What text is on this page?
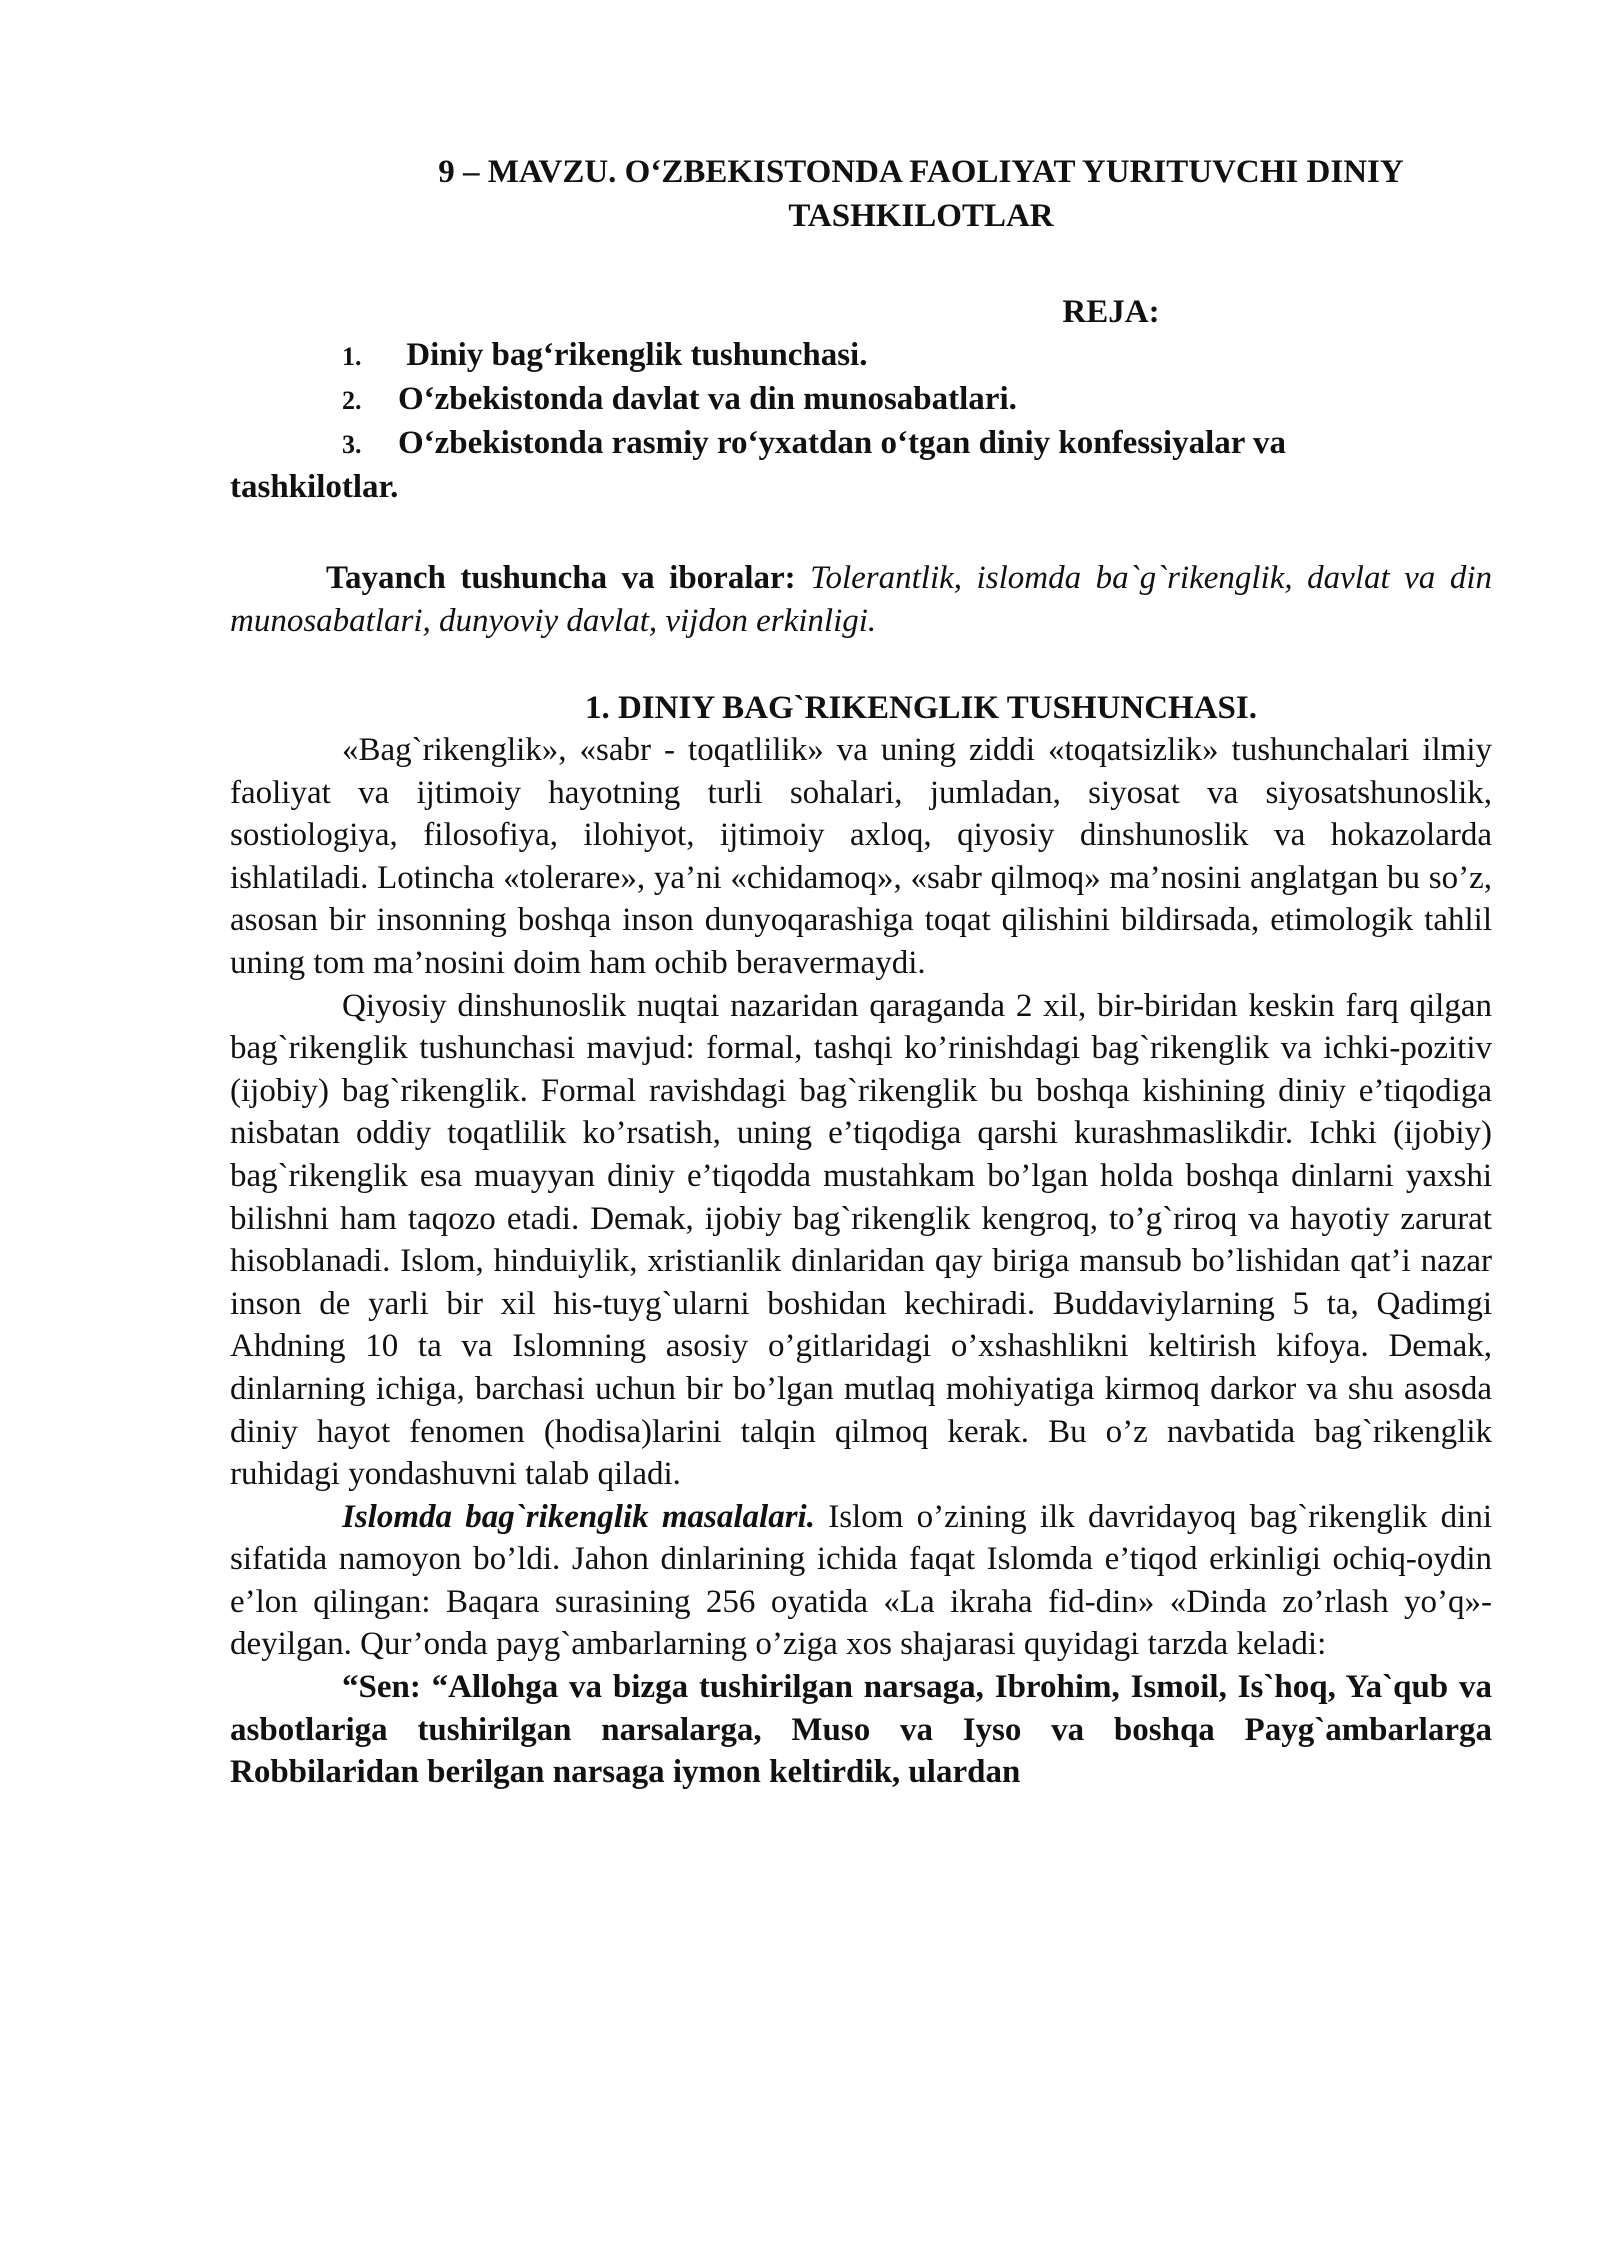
9 – MAVZU. O‘ZBEKISTONDA FAOLIYAT YURITUVCHI DINIY
TASHKILOTLAR
REJA:
1. Diniy bag‘rikenglik tushunchasi.
2. O‘zbekistonda davlat va din munosabatlari.
3. O‘zbekistonda rasmiy ro‘yxatdan o‘tgan diniy konfessiyalar va
tashkilotlar.

Tayanch tushuncha va iboralar: Tolerantlik, islomda ba`g`rikenglik, davlat va din munosabatlari, dunyoviy davlat, vijdon erkinligi.

1. DINIY BAG`RIKENGLIK TUSHUNCHASI.

«Bag`rikenglik», «sabr - toqatlilik» va uning ziddi «toqatsizlik» tushunchalari ilmiy faoliyat va ijtimoiy hayotning turli sohalari, jumladan, siyosat va siyosatshunoslik, sostiologiya, filosofiya, ilohiyot, ijtimoiy axloq, qiyosiy dinshunoslik va hokazolarda ishlatiladi. Lotincha «tolerare», ya’ni «chidamoq», «sabr qilmoq» ma’nosini anglatgan bu so’z, asosan bir insonning boshqa inson dunyoqarashiga toqat qilishini bildirsada, etimologik tahlil uning tom ma’nosini doim ham ochib beravermaydi.

Qiyosiy dinshunoslik nuqtai nazaridan qaraganda 2 xil, bir-biridan keskin farq qilgan bag`rikenglik tushunchasi mavjud: formal, tashqi ko’rinishdagi bag`rikenglik va ichki-pozitiv (ijobiy) bag`rikenglik. Formal ravishdagi bag`rikenglik bu boshqa kishining diniy e’tiqodiga nisbatan oddiy toqatlilik ko’rsatish, uning e’tiqodiga qarshi kurashmaslikdir. Ichki (ijobiy) bag`rikenglik esa muayyan diniy e’tiqodda mustahkam bo’lgan holda boshqa dinlarni yaxshi bilishni ham taqozo etadi. Demak, ijobiy bag`rikenglik kengroq, to’g`riroq va hayotiy zarurat hisoblanadi. Islom, hinduiylik, xristianlik dinlaridan qay biriga mansub bo’lishidan qat’i nazar inson de yarli bir xil his-tuyg`ularni boshidan kechiradi. Buddaviylarning 5 ta, Qadimgi Ahdning 10 ta va Islomning asosiy o’gitlaridagi o’xshashlikni keltirish kifoya. Demak, dinlarning ichiga, barchasi uchun bir bo’lgan mutlaq mohiyatiga kirmoq darkor va shu asosda diniy hayot fenomen (hodisa)larini talqin qilmoq kerak. Bu o’z navbatida bag`rikenglik ruhidagi yondashuvni talab qiladi.

Islomda bag`rikenglik masalalari. Islom o’zining ilk davridayoq bag`rikenglik dini sifatida namoyon bo’ldi. Jahon dinlarining ichida faqat Islomda e’tiqod erkinligi ochiq-oydin e’lon qilingan: Baqara surasining 256 oyatida «La ikraha fid-din» «Dinda zo’rlash yo’q»-deyilgan. Qur’onda payg`ambarlarning o’ziga xos shajarasi quyidagi tarzda keladi:

“Sen: “Allohga va bizga tushirilgan narsaga, Ibrohim, Ismoil, Is`hoq, Ya`qub va asbotlariga tushirilgan narsalarga, Muso va Iyso va boshqa Payg`ambarlarga Robbilaridan berilgan narsaga iymon keltirdik, ulardan
